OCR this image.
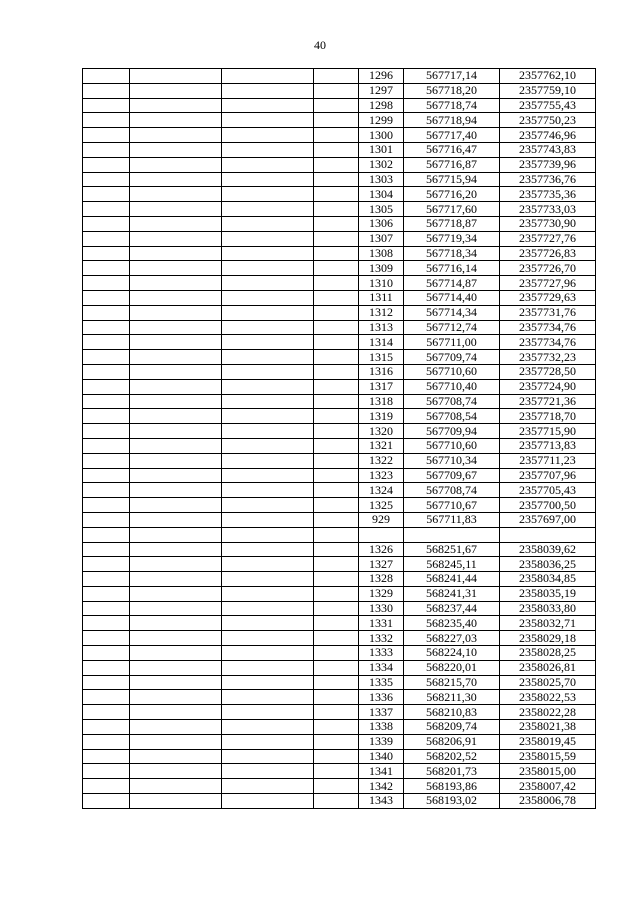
40
				1296	567717,14	2357762,10
				1297	567718,20	2357759,10
				1298	567718,74	2357755,43
				1299	567718,94	2357750,23
				1300	567717,40	2357746,96
				1301	567716,47	2357743,83
				1302	567716,87	2357739,96
				1303	567715,94	2357736,76
				1304	567716,20	2357735,36
				1305	567717,60	2357733,03
				1306	567718,87	2357730,90
				1307	567719,34	2357727,76
				1308	567718,34	2357726,83
				1309	567716,14	2357726,70
				1310	567714,87	2357727,96
				1311	567714,40	2357729,63
				1312	567714,34	2357731,76
				1313	567712,74	2357734,76
				1314	567711,00	2357734,76
				1315	567709,74	2357732,23
				1316	567710,60	2357728,50
				1317	567710,40	2357724,90
				1318	567708,74	2357721,36
				1319	567708,54	2357718,70
				1320	567709,94	2357715,90
				1321	567710,60	2357713,83
				1322	567710,34	2357711,23
				1323	567709,67	2357707,96
				1324	567708,74	2357705,43
				1325	567710,67	2357700,50
				929	567711,83	2357697,00

				1326	568251,67	2358039,62
				1327	568245,11	2358036,25
				1328	568241,44	2358034,85
				1329	568241,31	2358035,19
				1330	568237,44	2358033,80
				1331	568235,40	2358032,71
				1332	568227,03	2358029,18
				1333	568224,10	2358028,25
				1334	568220,01	2358026,81
				1335	568215,70	2358025,70
				1336	568211,30	2358022,53
				1337	568210,83	2358022,28
				1338	568209,74	2358021,38
				1339	568206,91	2358019,45
				1340	568202,52	2358015,59
				1341	568201,73	2358015,00
				1342	568193,86	2358007,42
				1343	568193,02	2358006,78
